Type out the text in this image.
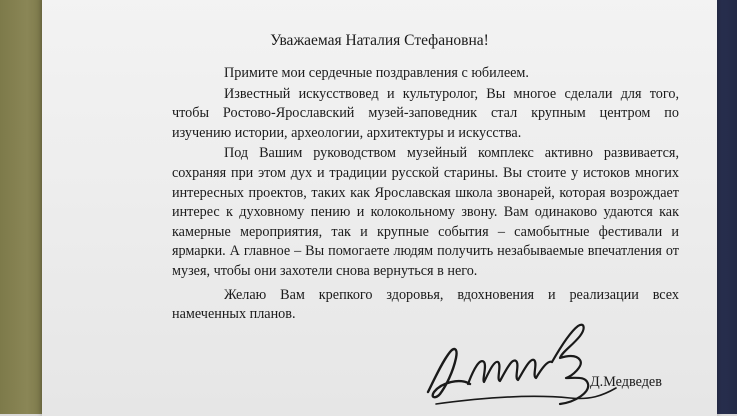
Уважаемая Наталия Стефановна!

Примите мои сердечные поздравления с юбилеем.

Известный искусствовед и культуролог, Вы многое сделали для того, чтобы Ростово-Ярославский музей-заповедник стал крупным центром по изучению истории, археологии, архитектуры и искусства.

Под Вашим руководством музейный комплекс активно развивается, сохраняя при этом дух и традиции русской старины. Вы стоите у истоков многих интересных проектов, таких как Ярославская школа звонарей, которая возрождает интерес к духовному пению и колокольному звону. Вам одинаково удаются как камерные мероприятия, так и крупные события – самобытные фестивали и ярмарки. А главное – Вы помогаете людям получить незабываемые впечатления от музея, чтобы они захотели снова вернуться в него.

Желаю Вам крепкого здоровья, вдохновения и реализации всех намеченных планов.

Д.Медведев
